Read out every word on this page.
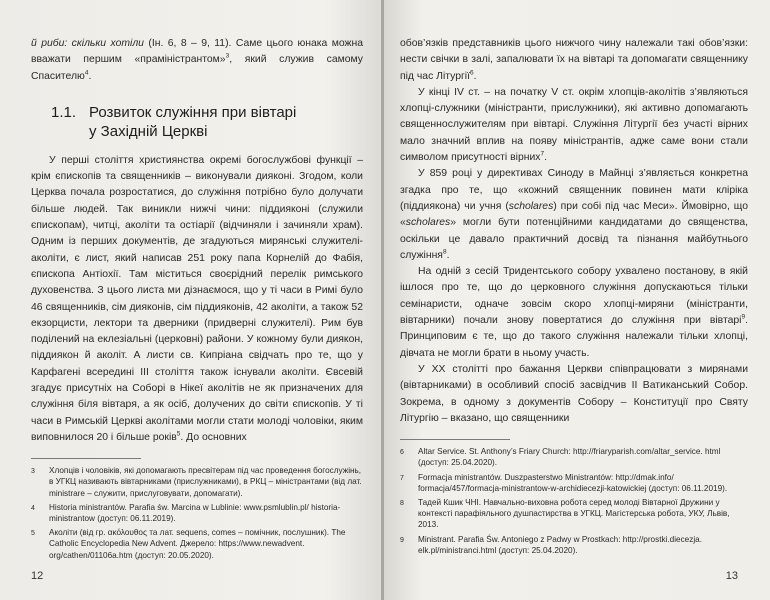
й риби: скільки хотіли (Ін. 6, 8 – 9, 11). Саме цього юнака можна вважати першим «праміністрантом»$^3$, який служив самому Спасителю$^4$.

1.1. Розвиток служіння при вівтарі
у Західній Церкві

У перші століття християнства окремі богослужбові функції – крім єпископів та священників – виконували дияконі. Згодом, коли Церква почала розростатися, до служіння потрібно було долучати більше людей. Так виникли нижчі чини: піддияконі (служили єпископам), читці, аколіти та остіарії (відчиняли і зачиняли храм). Одним із перших документів, де згадуються мирянські служителі-аколіти, є лист, який написав 251 року папа Корнелій до Фабія, єпископа Антіохії. Там міститься своєрідний перелік римського духовенства. З цього листа ми дізнаємося, що у ті часи в Римі було 46 священників, сім дияконів, сім піддияконів, 42 аколіти, а також 52 екзорцисти, лектори та дверники (придверні служителі). Рим був поділений на еклезіальні (церковні) райони. У кожному були диякон, піддиякон й аколіт. А листи св. Кипріана свідчать про те, що у Карфагені всередині ІІІ століття також існували аколіти. Євсевій згадує присутніх на Соборі в Нікеї аколітів не як призначених для служіння біля вівтаря, а як осіб, долучених до світи єпископів. У ті часи в Римській Церкві аколітами могли стати молоді чоловіки, яким виповнилося 20 і більше років$^5$. До основних

3	Хлопців і чоловіків, які допомагають пресвітерам під час проведення богослужінь, в УГКЦ називають вівтарниками (прислужниками), в РКЦ – міністрантами (від лат. ministrare – служити, прислуговувати, допомагати).
4	Historia ministrantów. Parafia św. Marcina w Lublinie: www.psmlublin.pl/ historia-ministrantow (доступ: 06.11.2019).
5	Аколіти (від гр. ακόλουθος та лат. sequens, comes – помічник, послушник). The Catholic Encyclopedia New Advent. Джерело: https://www.newadvent. org/cathen/01106a.htm (доступ: 20.05.2020).
12

обов’язків представників цього нижчого чину належали такі обов’язки: нести свічки в залі, запалювати їх на вівтарі та допомагати священнику під час Літургії$^6$.

У кінці IV ст. – на початку V ст. окрім хлопців-аколітів з’являються хлопці-служники (міністранти, прислужники), які активно допомагають священнослужителям при вівтарі. Служіння Літургії без участі вірних мало значний вплив на появу міністрантів, адже саме вони стали символом присутності вірних$^7$.

У 859 році у директивах Синоду в Майнці з’являється конкретна згадка про те, що «кожний священник повинен мати кліріка (піддиякона) чи учня (scholares) при собі під час Меси». Ймовірно, що «scholares» могли бути потенційними кандидатами до священства, оскільки це давало практичний досвід та пізнання майбутнього служіння$^8$.

На одній з сесій Тридентського собору ухвалено постанову, в якій ішлося про те, що до церковного служіння допускаються тільки семінаристи, одначе зовсім скоро хлопці-миряни (міністранти, вівтарники) почали знову повертатися до служіння при вівтарі$^9$. Принциповим є те, що до такого служіння належали тільки хлопці, дівчата не могли брати в ньому участь.

У ХХ столітті про бажання Церкви співпрацювати з мирянами (вівтарниками) в особливий спосіб засвідчив ІІ Ватиканський Собор. Зокрема, в одному з документів Собору – Конституції про Святу Літургію – вказано, що священники

6	Altar Service. St. Anthony’s Friary Church: http://friaryparish.com/altar_service. html (доступ: 25.04.2020).
7	Formacja ministrantów. Duszpasterstwo Ministrantów: http://dmak.info/ formacja/457/formacja-ministrantow-w-archidiecezji-katowickiej (доступ: 06.11.2019).
8	Тадей Кшик ЧНІ. Навчально-виховна робота серед молоді Вівтарної Дружини у контексті парафіяльного душпастирства в УГКЦ. Магістерська робота, УКУ, Львів, 2013.
9	Ministrant. Parafia Św. Antoniego z Padwy w Prostkach: http://prostki.diecezja. elk.pl/ministranci.html (доступ: 25.04.2020).
13
